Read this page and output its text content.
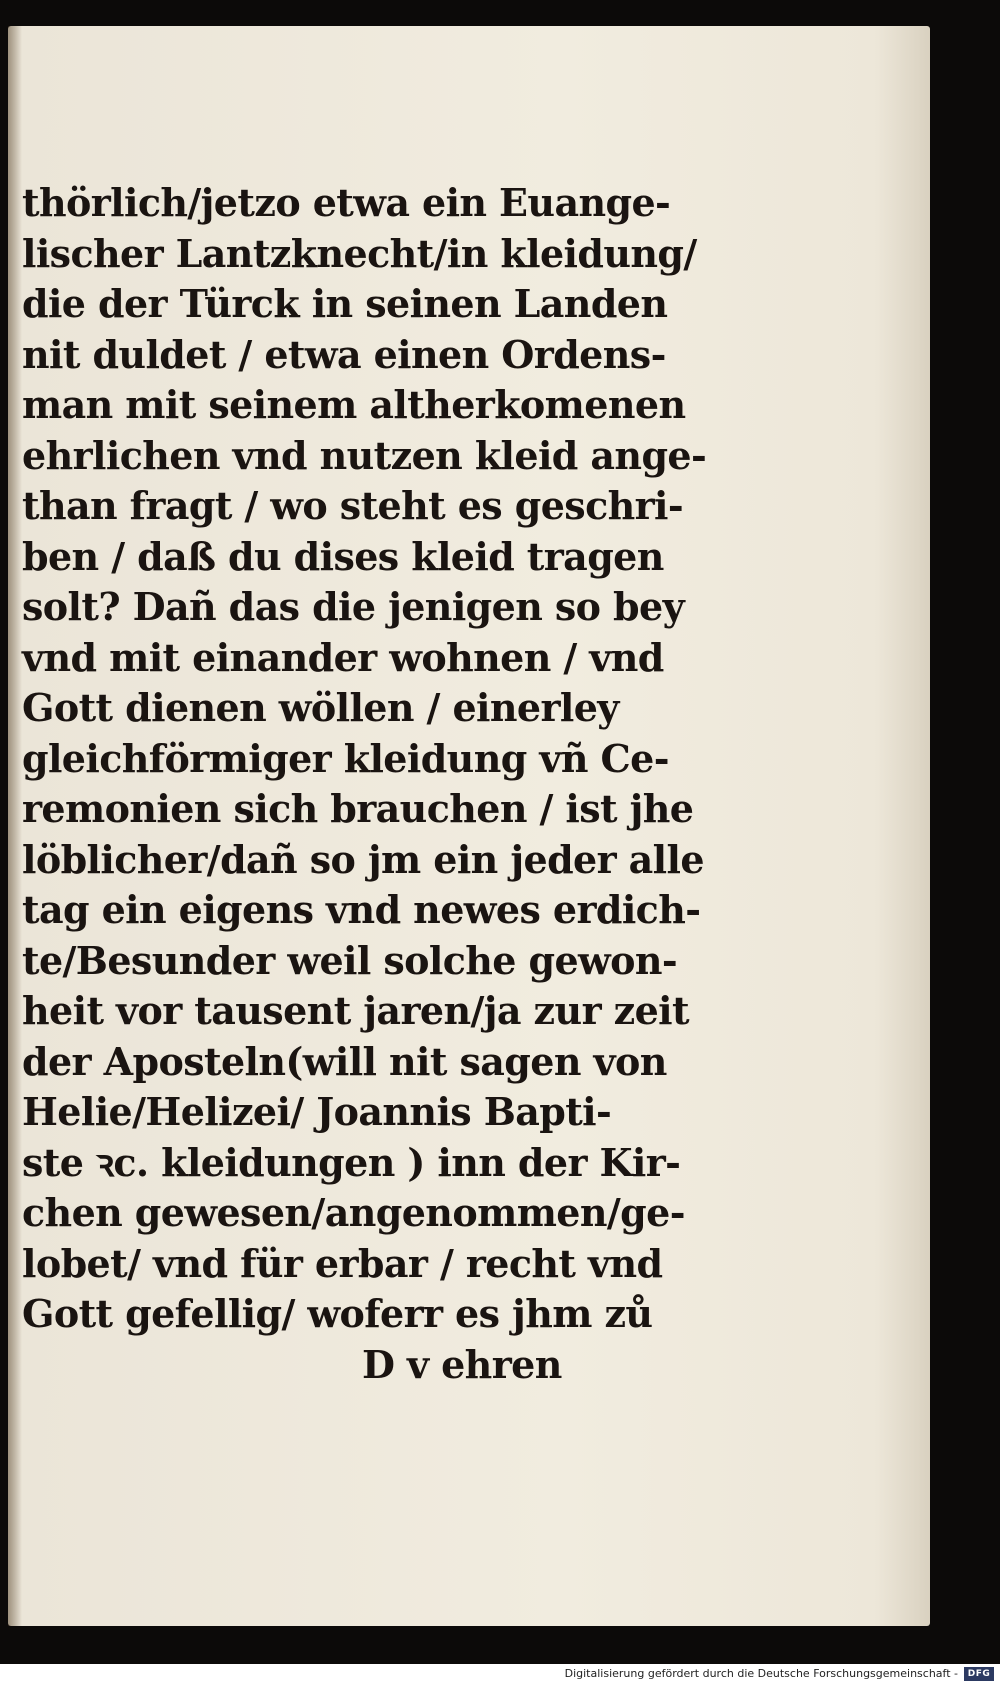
thörlich/jetzo etwa ein Euange-
lischer Lantzknecht/in kleidung/
die der Türck in seinen Landen
nit duldet / etwa einen Ordens-
man mit seinem altherkomenen
ehrlichen vnd nutzen kleid ange-
than fragt / wo steht es geschri-
ben / daß du dises kleid tragen
solt? Dañ das die jenigen so bey
vnd mit einander wohnen / vnd
Gott dienen wöllen / einerley
gleichförmiger kleidung vñ Ce-
remonien sich brauchen / ist jhe
löblicher/dañ so jm ein jeder alle
tag ein eigens vnd newes erdich-
te/Besunder weil solche gewon-
heit vor tausent jaren/ja zur zeit
der Aposteln(will nit sagen von
Helie/Helizei/ Joannis Bapti-
ste ꝛc. kleidungen ) inn der Kir-
chen gewesen/angenommen/ge-
lobet/ vnd für erbar / recht vnd
Gott gefellig/ woferr es jhm zů
D v ehren
Digitalisierung gefördert durch die Deutsche Forschungsgemeinschaft -	DFG
